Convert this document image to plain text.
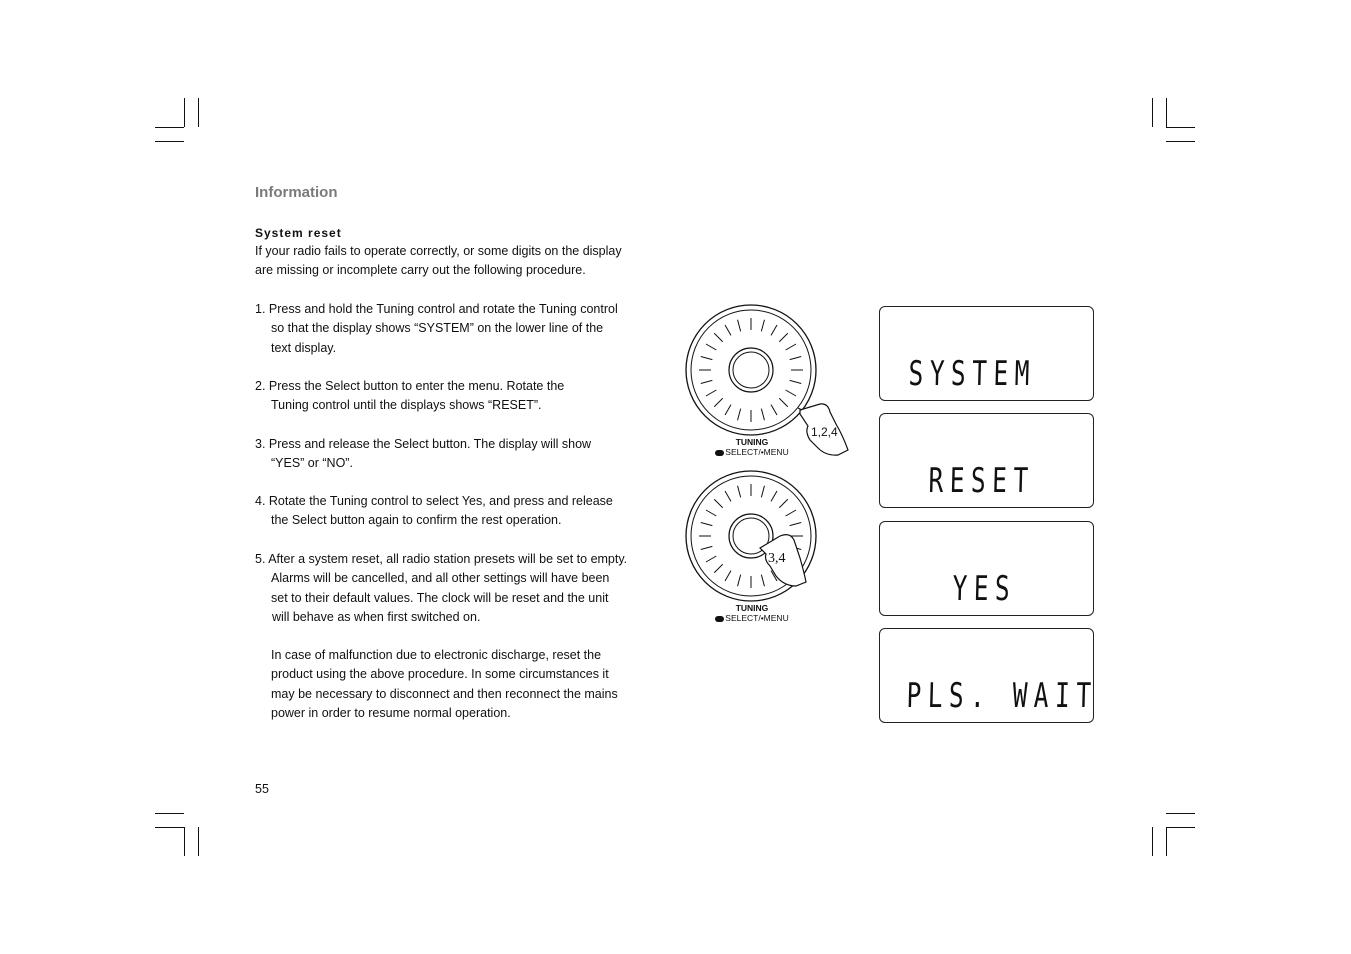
Information
System reset
If your radio fails to operate correctly, or some digits on the display
are missing or incomplete carry out the following procedure.
1. Press and hold the Tuning control and rotate the Tuning control
so that the display shows “SYSTEM” on the lower line of the
text display.
2. Press the Select button to enter the menu. Rotate the
Tuning control until the displays shows “RESET”.
3. Press and release the Select button. The display will show
“YES” or “NO”.
4. Rotate the Tuning control to select Yes, and press and release
the Select button again to confirm the rest operation.
5. After a system reset, all radio station presets will be set to empty.
Alarms will be cancelled, and all other settings will have been
set to their default values. The clock will be reset and the unit
will behave as when first switched on.
In case of malfunction due to electronic discharge, reset the
product using the above procedure. In some circumstances it
may be necessary to disconnect and then reconnect the mains
power in order to resume normal operation.
55
1,2,4
TUNING
SELECT/•MENU
3,4
TUNING
SELECT/•MENU
SYSTEM
RESET
YES
PLS. WAIT
